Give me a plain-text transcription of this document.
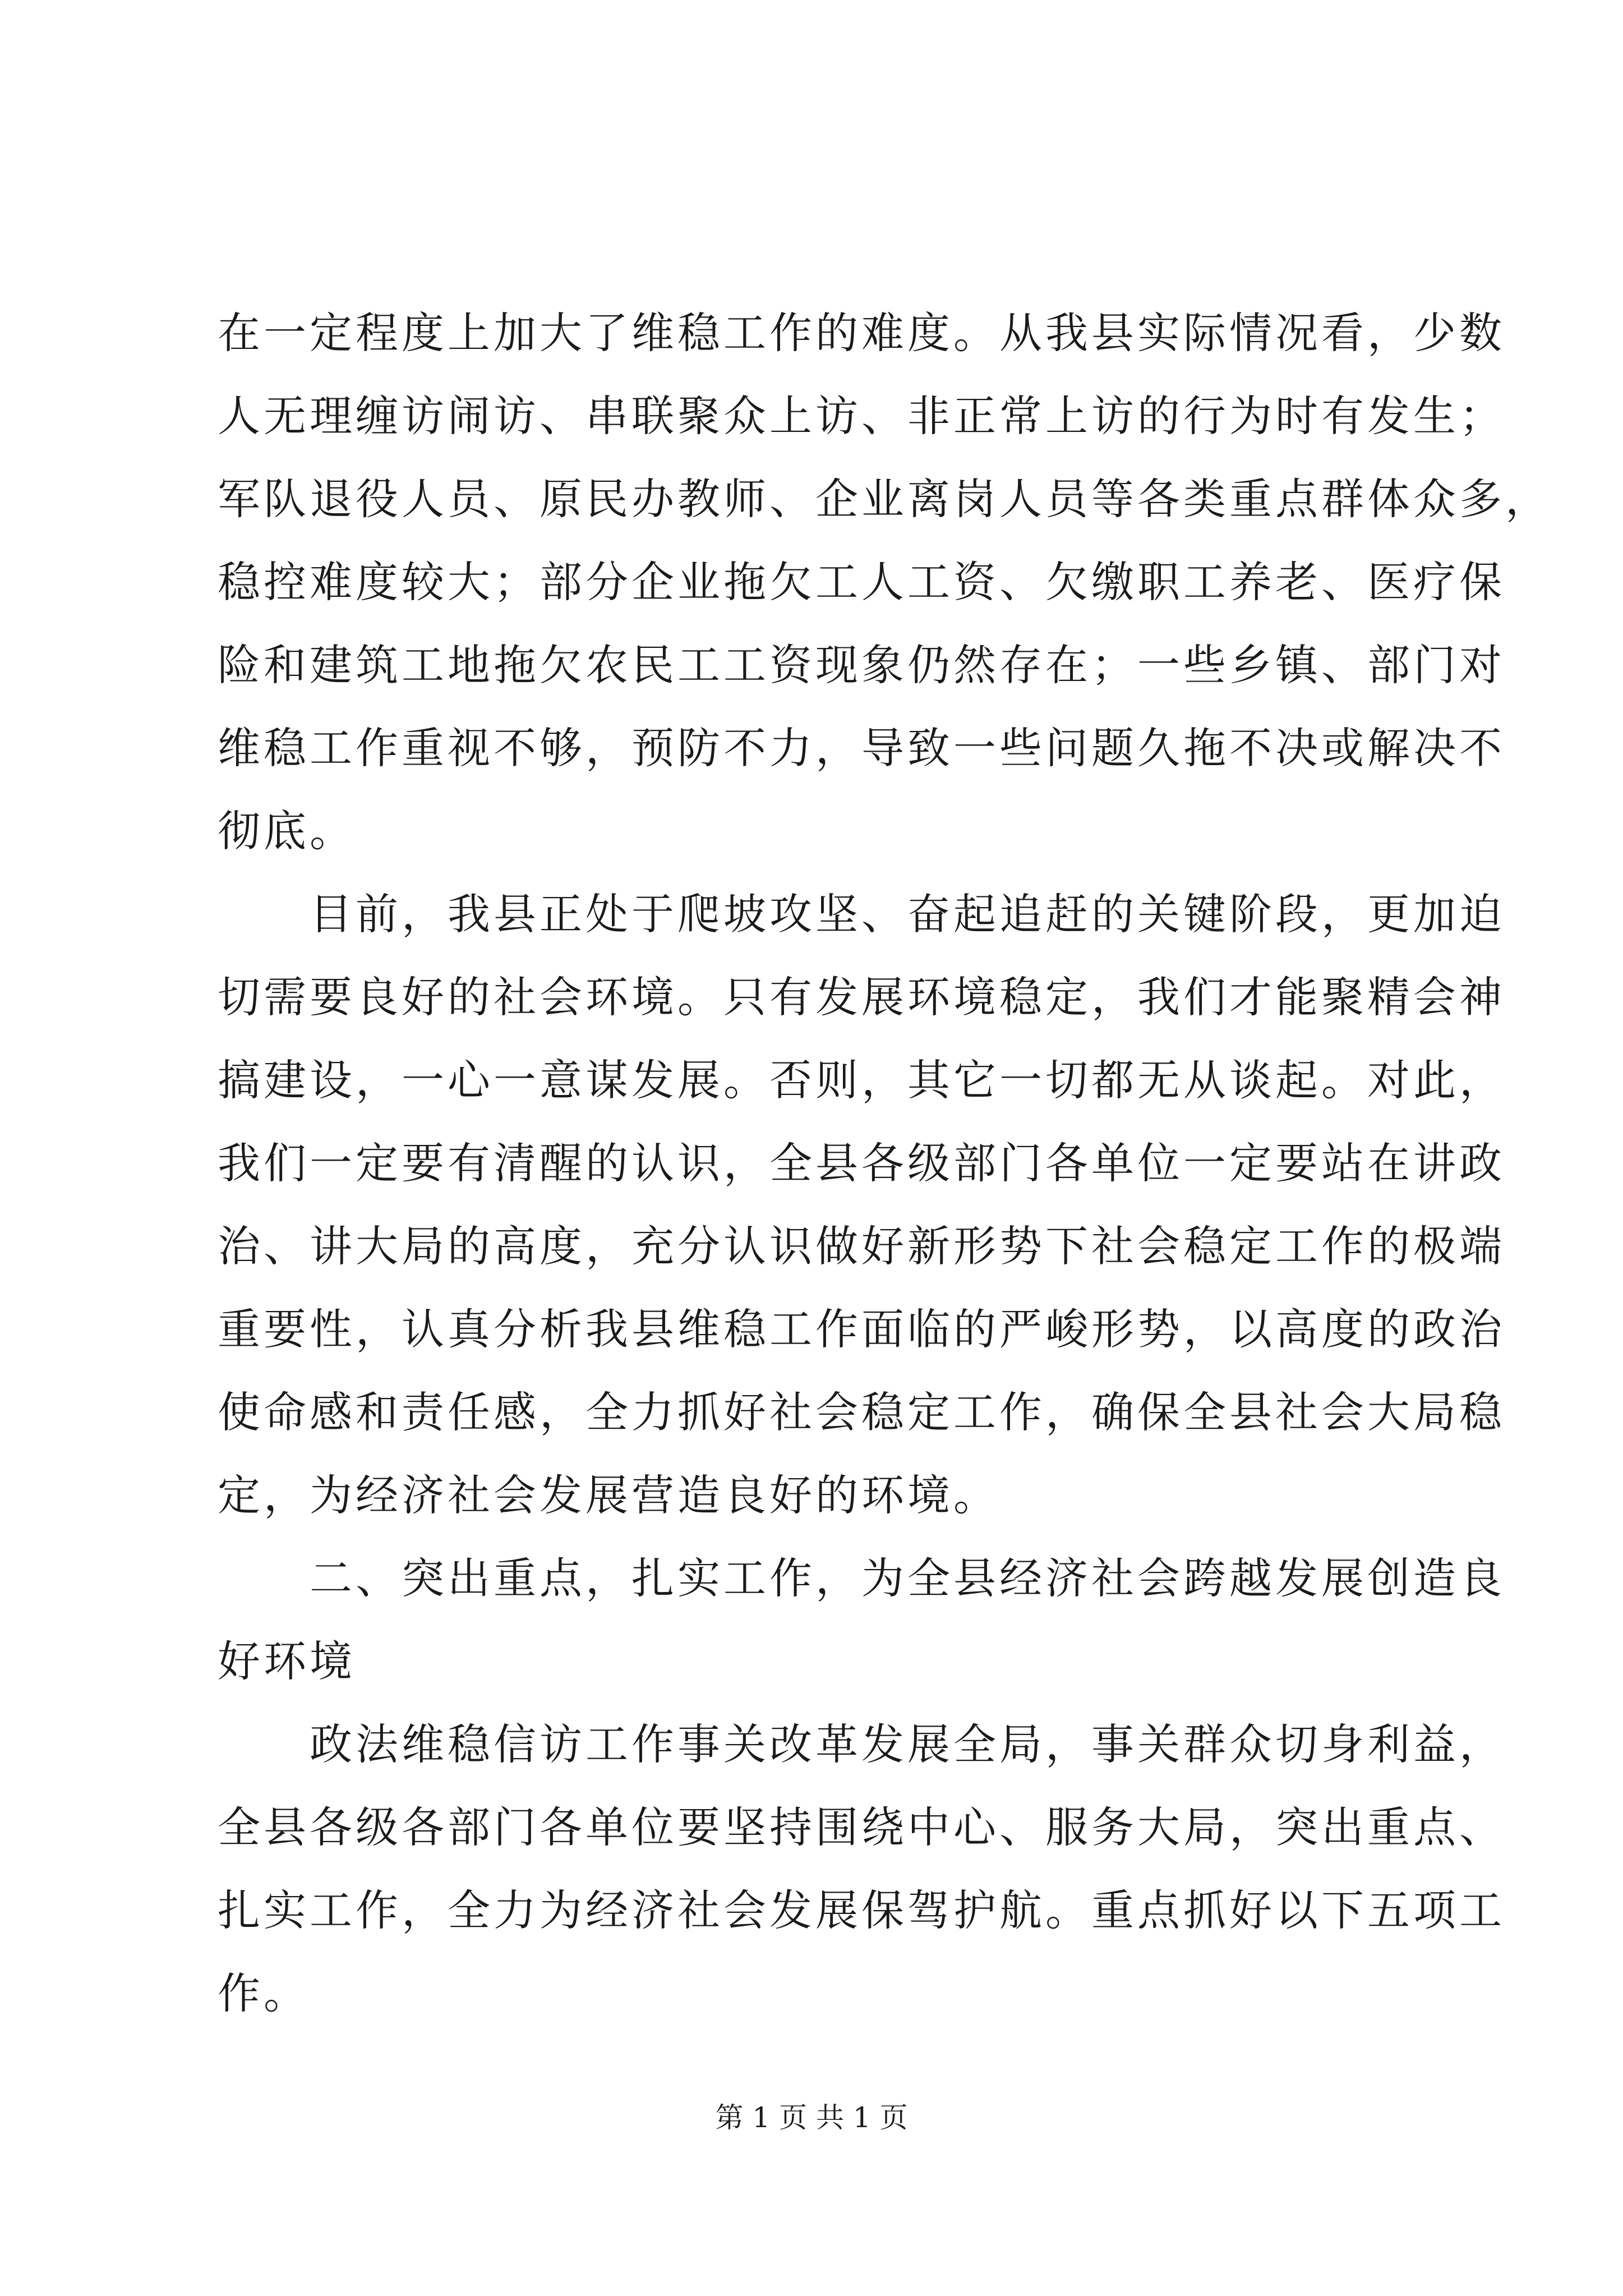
在一定程度上加大了维稳工作的难度。从我县实际情况看，少数
人无理缠访闹访、串联聚众上访、非正常上访的行为时有发生；
军队退役人员、原民办教师、企业离岗人员等各类重点群体众多，
稳控难度较大；部分企业拖欠工人工资、欠缴职工养老、医疗保
险和建筑工地拖欠农民工工资现象仍然存在；一些乡镇、部门对
维稳工作重视不够，预防不力，导致一些问题久拖不决或解决不
彻底。
　　目前，我县正处于爬坡攻坚、奋起追赶的关键阶段，更加迫
切需要良好的社会环境。只有发展环境稳定，我们才能聚精会神
搞建设，一心一意谋发展。否则，其它一切都无从谈起。对此，
我们一定要有清醒的认识，全县各级部门各单位一定要站在讲政
治、讲大局的高度，充分认识做好新形势下社会稳定工作的极端
重要性，认真分析我县维稳工作面临的严峻形势，以高度的政治
使命感和责任感，全力抓好社会稳定工作，确保全县社会大局稳
定，为经济社会发展营造良好的环境。
　　二、突出重点，扎实工作，为全县经济社会跨越发展创造良
好环境
　　政法维稳信访工作事关改革发展全局，事关群众切身利益，
全县各级各部门各单位要坚持围绕中心、服务大局，突出重点、
扎实工作，全力为经济社会发展保驾护航。重点抓好以下五项工
作。
第 1 页 共 1 页
